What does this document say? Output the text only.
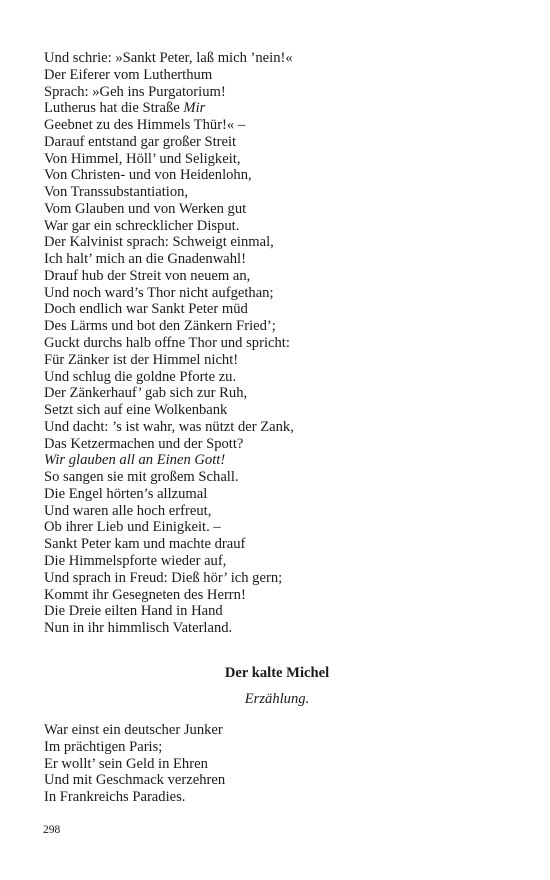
Und schrie: »Sankt Peter, laß mich ’nein!«
Der Eiferer vom Lutherthum
Sprach: »Geh ins Purgatorium!
Lutherus hat die Straße Mir
Geebnet zu des Himmels Thür!« –
Darauf entstand gar großer Streit
Von Himmel, Höll’ und Seligkeit,
Von Christen- und von Heidenlohn,
Von Transsubstantiation,
Vom Glauben und von Werken gut
War gar ein schrecklicher Disput.
Der Kalvinist sprach: Schweigt einmal,
Ich halt’ mich an die Gnadenwahl!
Drauf hub der Streit von neuem an,
Und noch ward’s Thor nicht aufgethan;
Doch endlich war Sankt Peter müd
Des Lärms und bot den Zänkern Fried’;
Guckt durchs halb offne Thor und spricht:
Für Zänker ist der Himmel nicht!
Und schlug die goldne Pforte zu.
Der Zänkerhauf’ gab sich zur Ruh,
Setzt sich auf eine Wolkenbank
Und dacht: ’s ist wahr, was nützt der Zank,
Das Ketzermachen und der Spott?
Wir glauben all an Einen Gott!
So sangen sie mit großem Schall.
Die Engel hörten’s allzumal
Und waren alle hoch erfreut,
Ob ihrer Lieb und Einigkeit. –
Sankt Peter kam und machte drauf
Die Himmelspforte wieder auf,
Und sprach in Freud: Dieß hör’ ich gern;
Kommt ihr Gesegneten des Herrn!
Die Dreie eilten Hand in Hand
Nun in ihr himmlisch Vaterland.
Der kalte Michel
Erzählung.
War einst ein deutscher Junker
Im prächtigen Paris;
Er wollt’ sein Geld in Ehren
Und mit Geschmack verzehren
In Frankreichs Paradies.
298
